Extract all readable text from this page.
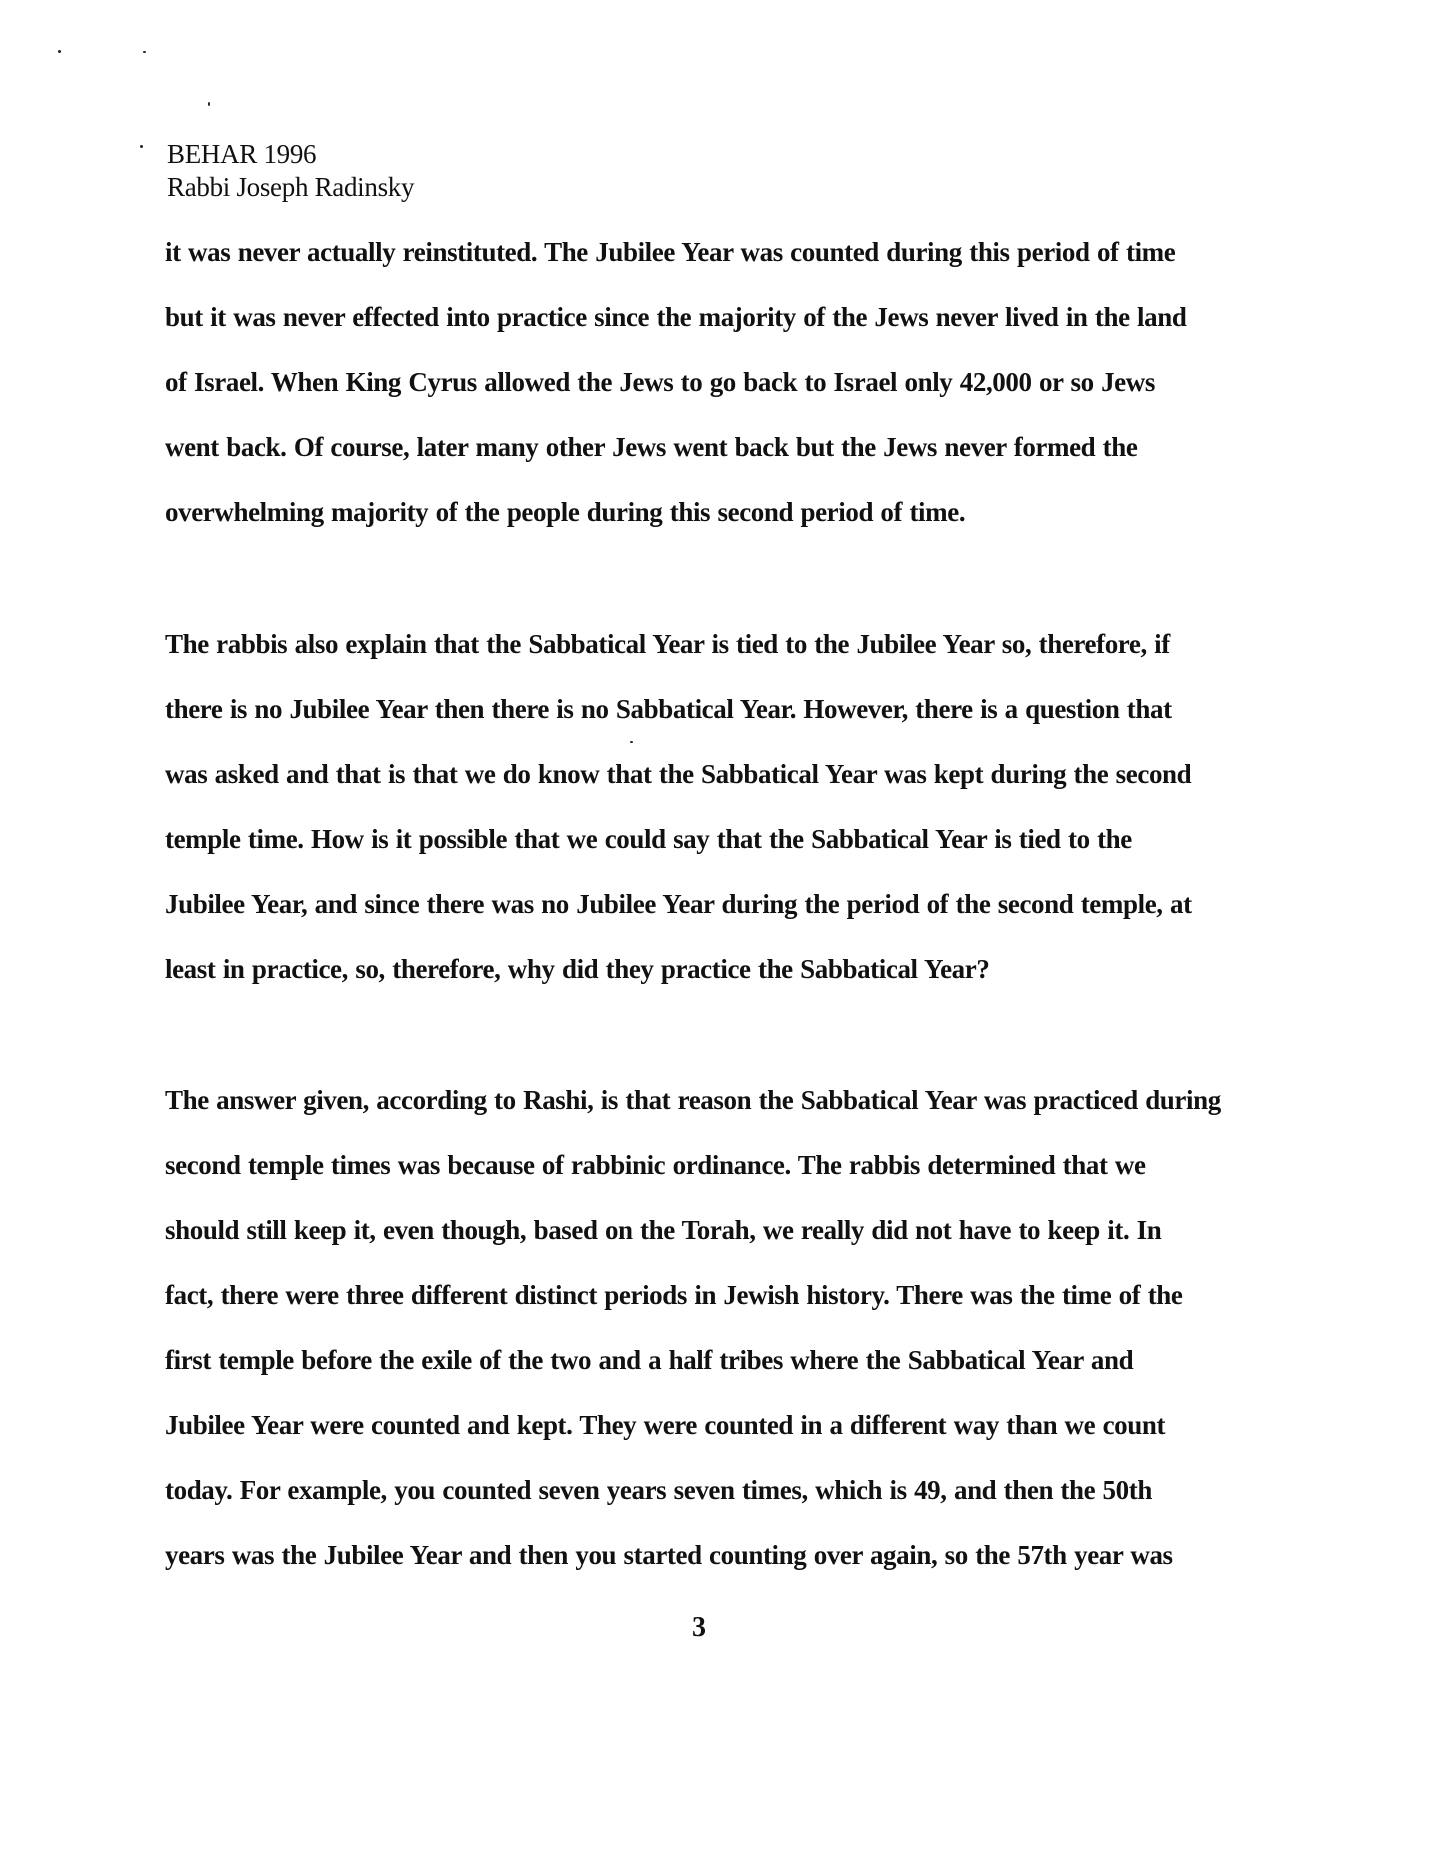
BEHAR 1996
Rabbi Joseph Radinsky
it was never actually reinstituted. The Jubilee Year was counted during this period of time
but it was never effected into practice since the majority of the Jews never lived in the land
of Israel. When King Cyrus allowed the Jews to go back to Israel only 42,000 or so Jews
went back. Of course, later many other Jews went back but the Jews never formed the
overwhelming majority of the people during this second period of time.
The rabbis also explain that the Sabbatical Year is tied to the Jubilee Year so, therefore, if
there is no Jubilee Year then there is no Sabbatical Year. However, there is a question that
was asked and that is that we do know that the Sabbatical Year was kept during the second
temple time. How is it possible that we could say that the Sabbatical Year is tied to the
Jubilee Year, and since there was no Jubilee Year during the period of the second temple, at
least in practice, so, therefore, why did they practice the Sabbatical Year?
The answer given, according to Rashi, is that reason the Sabbatical Year was practiced during
second temple times was because of rabbinic ordinance. The rabbis determined that we
should still keep it, even though, based on the Torah, we really did not have to keep it. In
fact, there were three different distinct periods in Jewish history. There was the time of the
first temple before the exile of the two and a half tribes where the Sabbatical Year and
Jubilee Year were counted and kept. They were counted in a different way than we count
today. For example, you counted seven years seven times, which is 49, and then the 50th
years was the Jubilee Year and then you started counting over again, so the 57th year was
3
